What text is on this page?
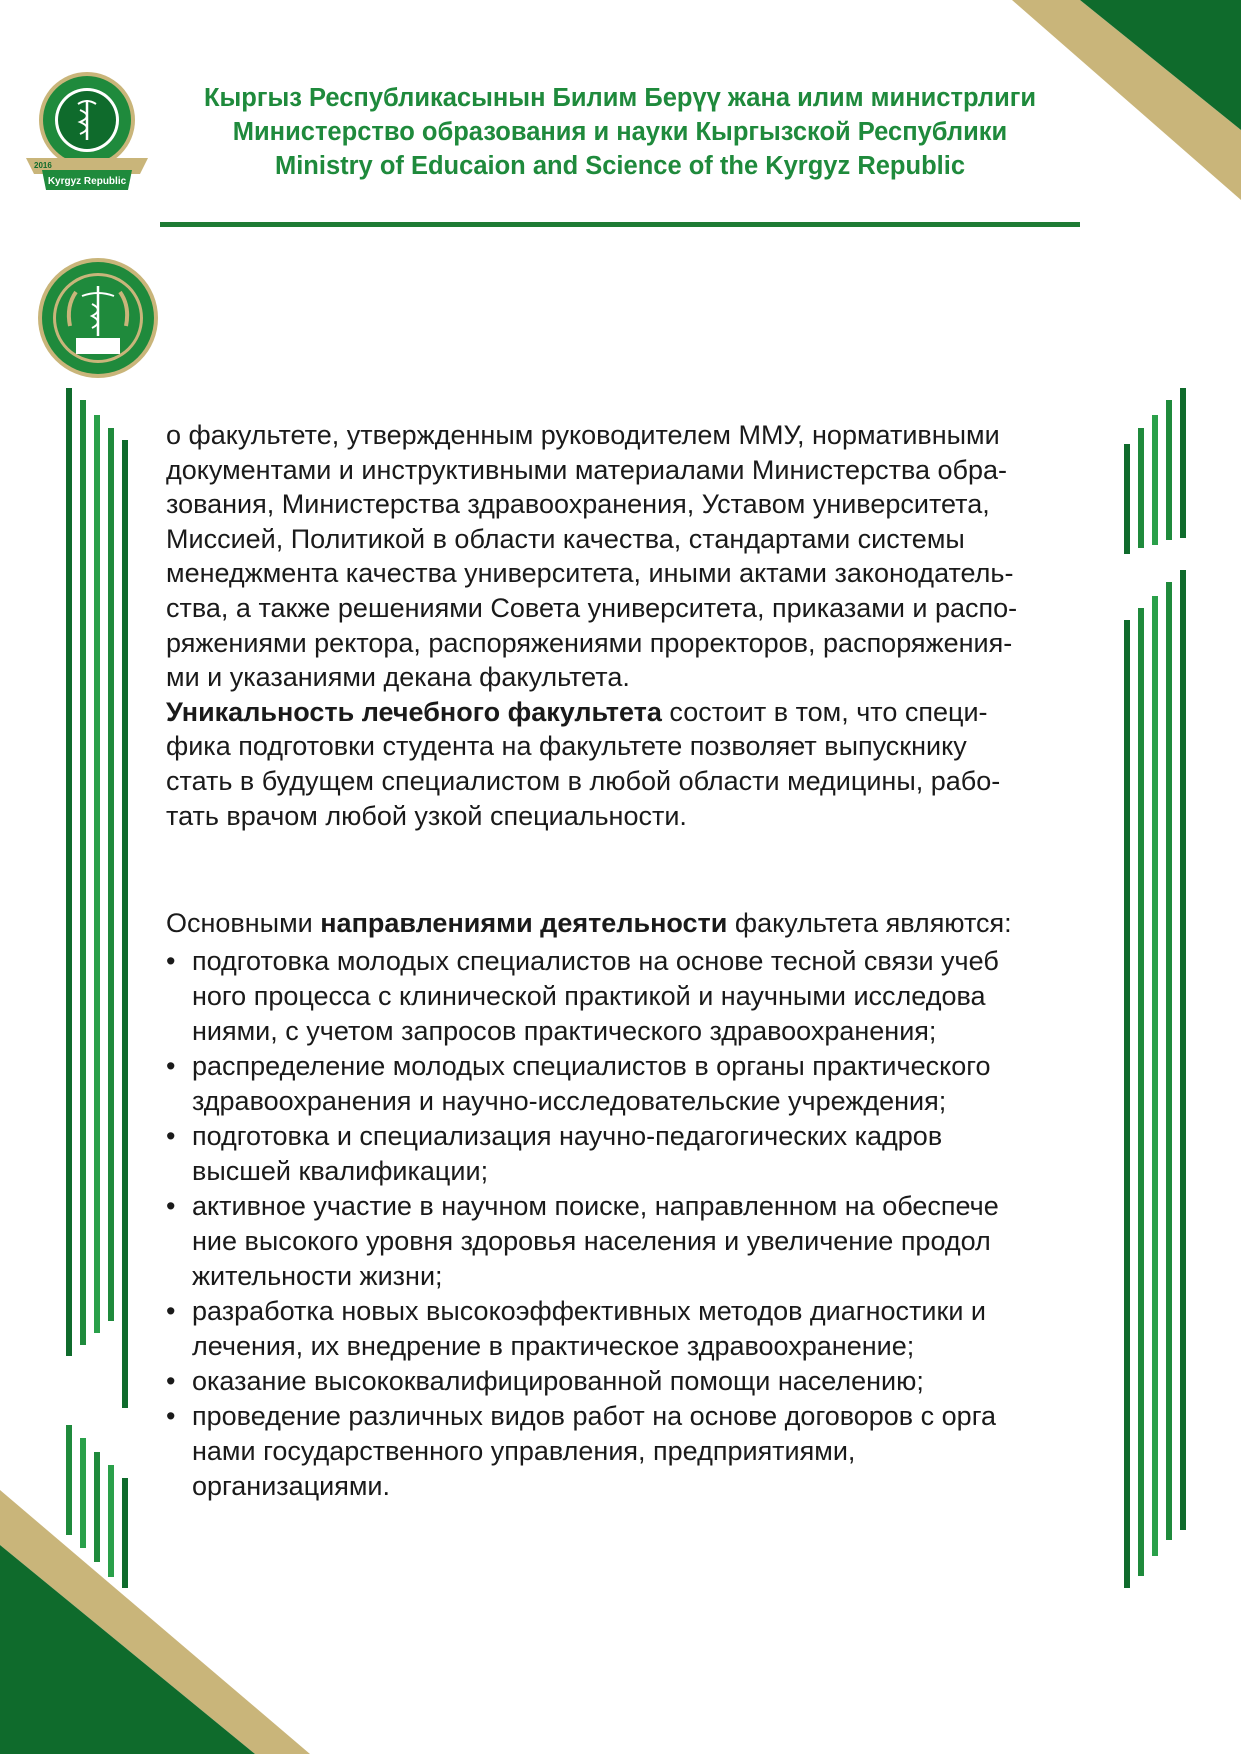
2016
Kyrgyz Republic
Кыргыз Республикасынын Билим Берүү жана илим министрлиги
Министерство образования и науки Кыргызской Республики
Ministry of Educaion and Science of the Kyrgyz Republic
о факультете, утвержденным руководителем ММУ, нормативными
документами и инструктивными материалами Министерства обра-
зования, Министерства здравоохранения, Уставом университета,
Миссией, Политикой в области качества, стандартами системы
менеджмента качества университета, иными актами законодатель-
ства, а также решениями Совета университета, приказами и распо-
ряжениями ректора, распоряжениями проректоров, распоряжения-
ми и указаниями декана факультета.
Уникальность лечебного факультета состоит в том, что специ-
фика подготовки студента на факультете позволяет выпускнику
стать в будущем специалистом в любой области медицины, рабо-
тать врачом любой узкой специальности.
Основными направлениями деятельности факультета являются:
• подготовка молодых специалистов на основе тесной связи учеб
ного процесса с клинической практикой и научными исследова
ниями, с учетом запросов практического здравоохранения;
• распределение молодых специалистов в органы практического
здравоохранения и научно-исследовательские учреждения;
• подготовка и специализация научно-педагогических кадров
высшей квалификации;
• активное участие в научном поиске, направленном на обеспече
ние высокого уровня здоровья населения и увеличение продол
жительности жизни;
• разработка новых высокоэффективных методов диагностики и
лечения, их внедрение в практическое здравоохранение;
• оказание высококвалифицированной помощи населению;
• проведение различных видов работ на основе договоров с орга
нами государственного управления, предприятиями,
организациями.
